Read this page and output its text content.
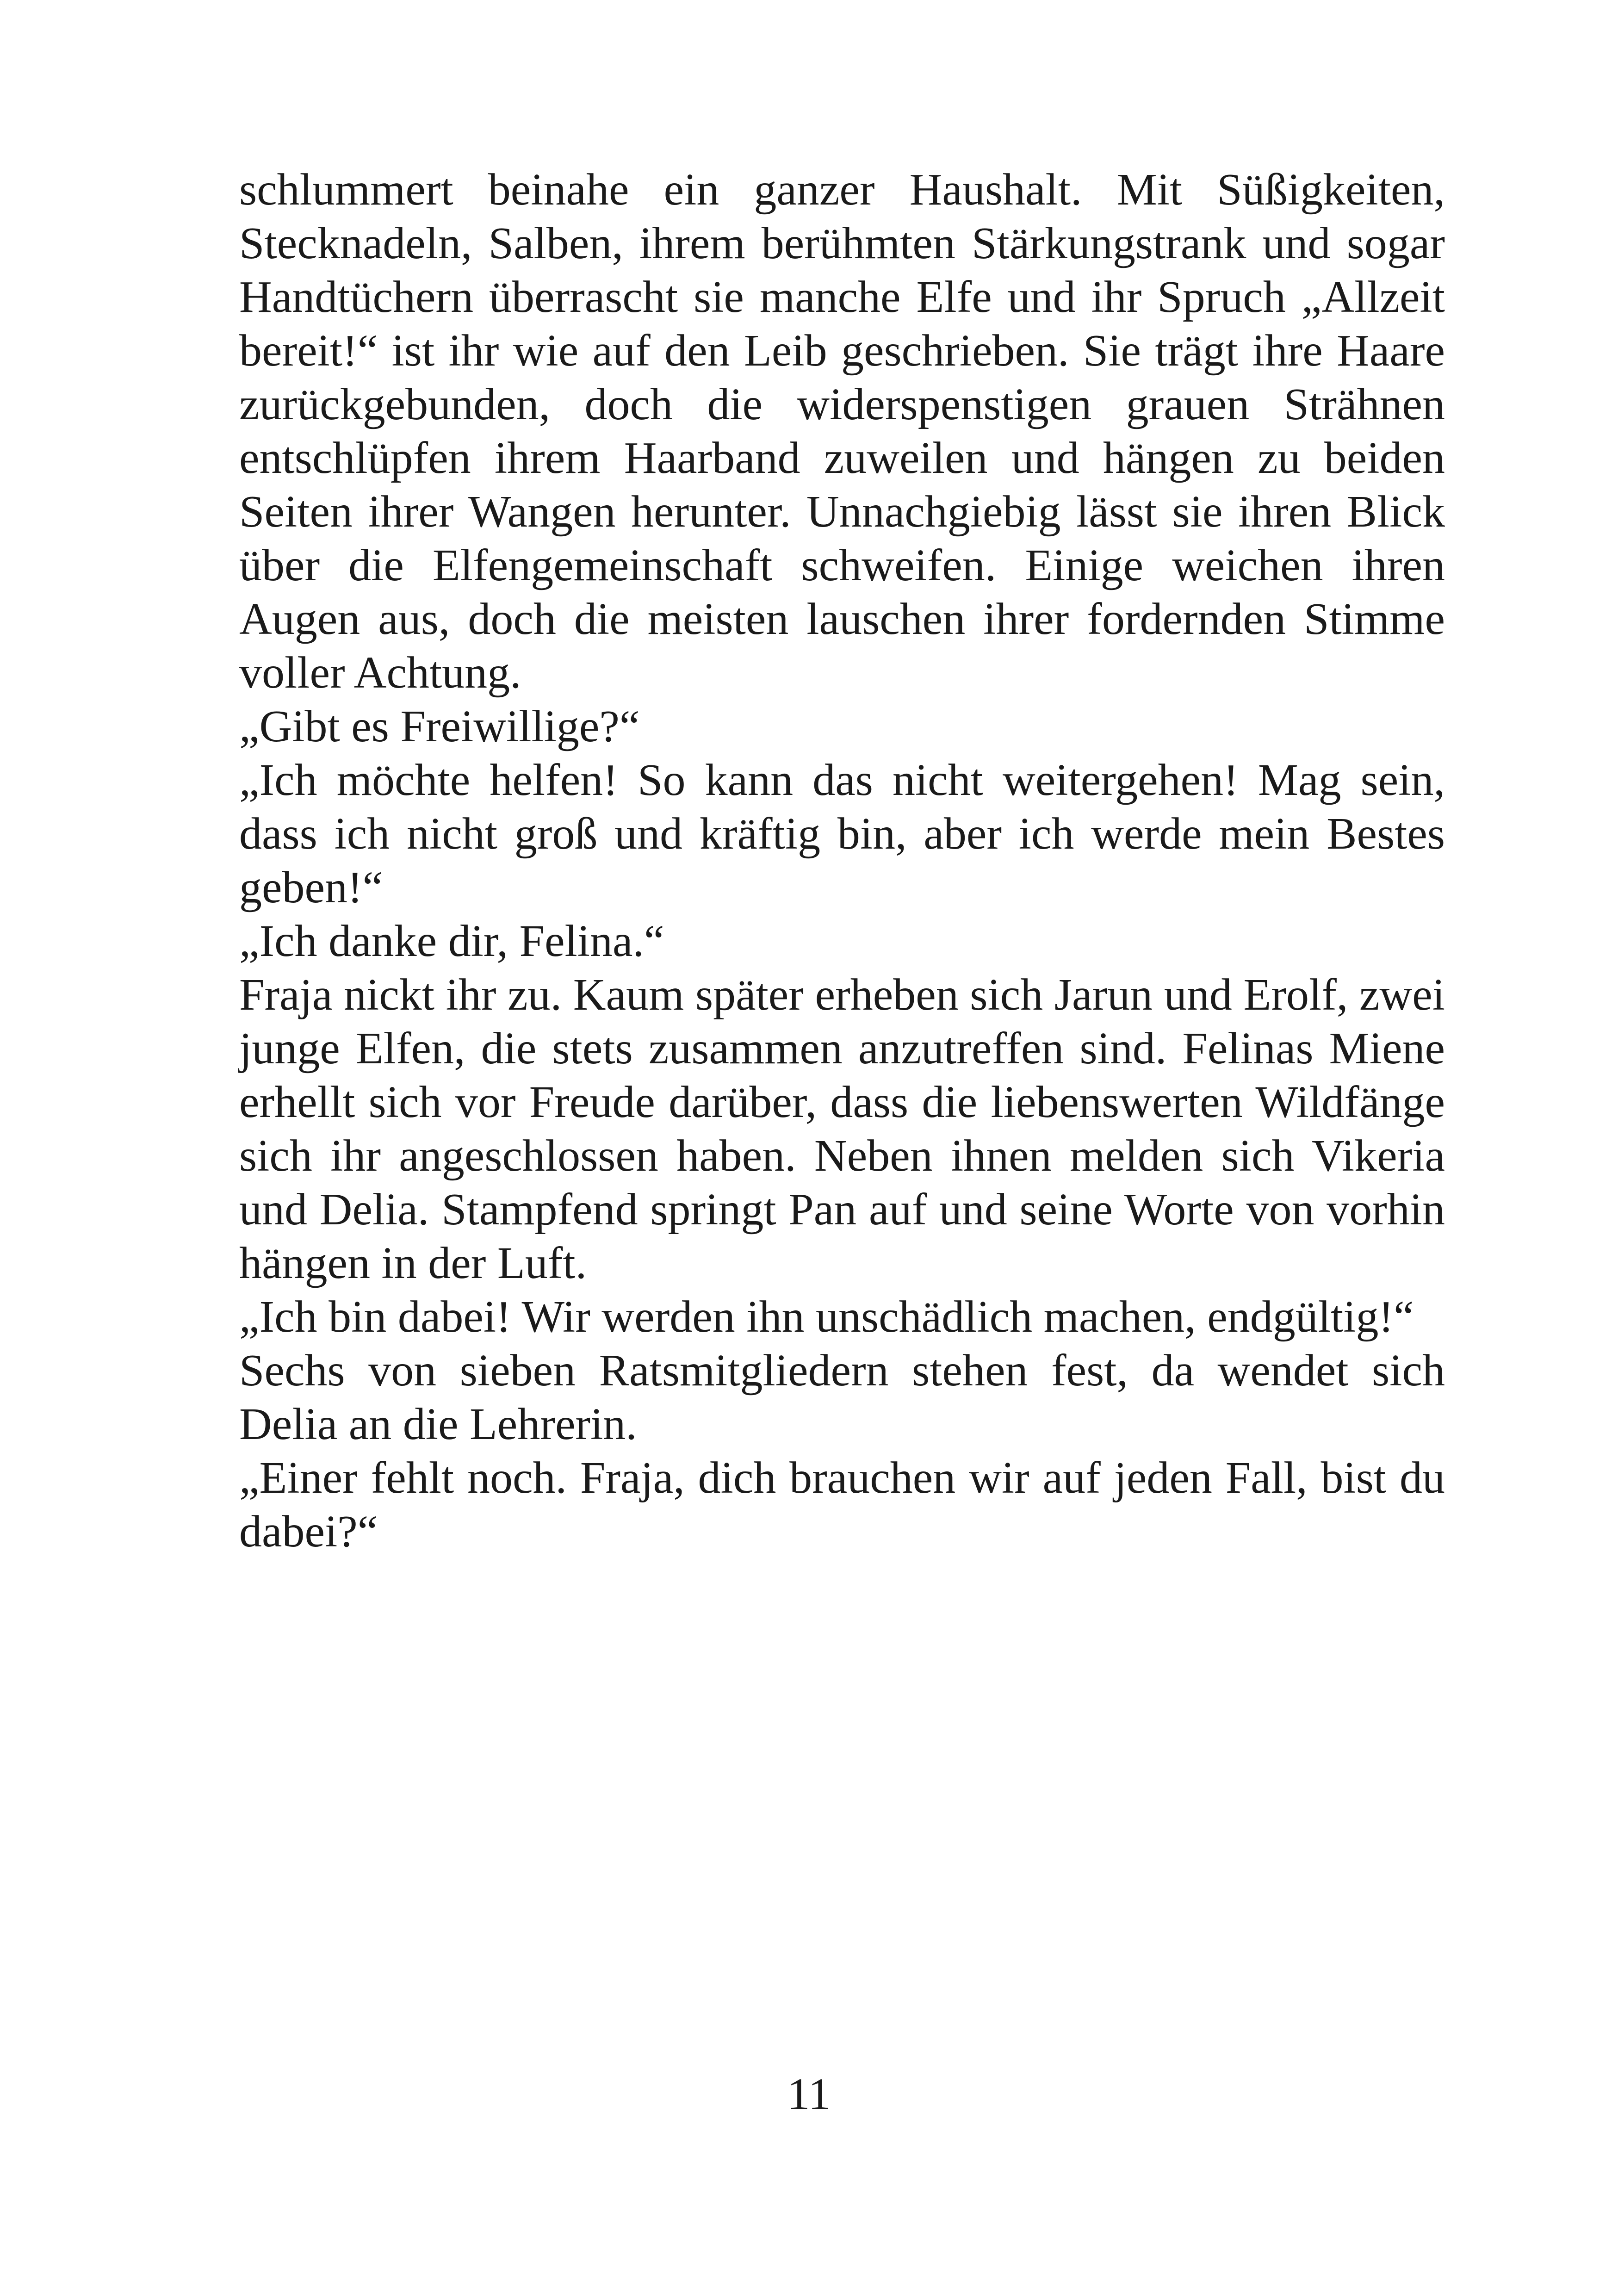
schlummert beinahe ein ganzer Haushalt. Mit Süßigkeiten, Stecknadeln, Salben, ihrem berühmten Stärkungstrank und sogar Handtüchern überrascht sie manche Elfe und ihr Spruch „Allzeit bereit!“ ist ihr wie auf den Leib geschrieben. Sie trägt ihre Haare zurückgebunden, doch die widerspenstigen grauen Strähnen entschlüpfen ihrem Haarband zuweilen und hängen zu beiden Seiten ihrer Wangen herunter. Unnachgiebig lässt sie ihren Blick über die Elfengemeinschaft schweifen. Einige weichen ihren Augen aus, doch die meisten lauschen ihrer fordernden Stimme voller Achtung.

„Gibt es Freiwillige?“

„Ich möchte helfen! So kann das nicht weitergehen! Mag sein, dass ich nicht groß und kräftig bin, aber ich werde mein Bestes geben!“

„Ich danke dir, Felina.“

Fraja nickt ihr zu. Kaum später erheben sich Jarun und Erolf, zwei junge Elfen, die stets zusammen anzutreffen sind. Felinas Miene erhellt sich vor Freude darüber, dass die liebenswerten Wildfänge sich ihr angeschlossen haben. Neben ihnen melden sich Vikeria und Delia. Stampfend springt Pan auf und seine Worte von vorhin hängen in der Luft.

„Ich bin dabei! Wir werden ihn unschädlich machen, endgültig!“

Sechs von sieben Ratsmitgliedern stehen fest, da wendet sich Delia an die Lehrerin.

„Einer fehlt noch. Fraja, dich brauchen wir auf jeden Fall, bist du dabei?“

11
